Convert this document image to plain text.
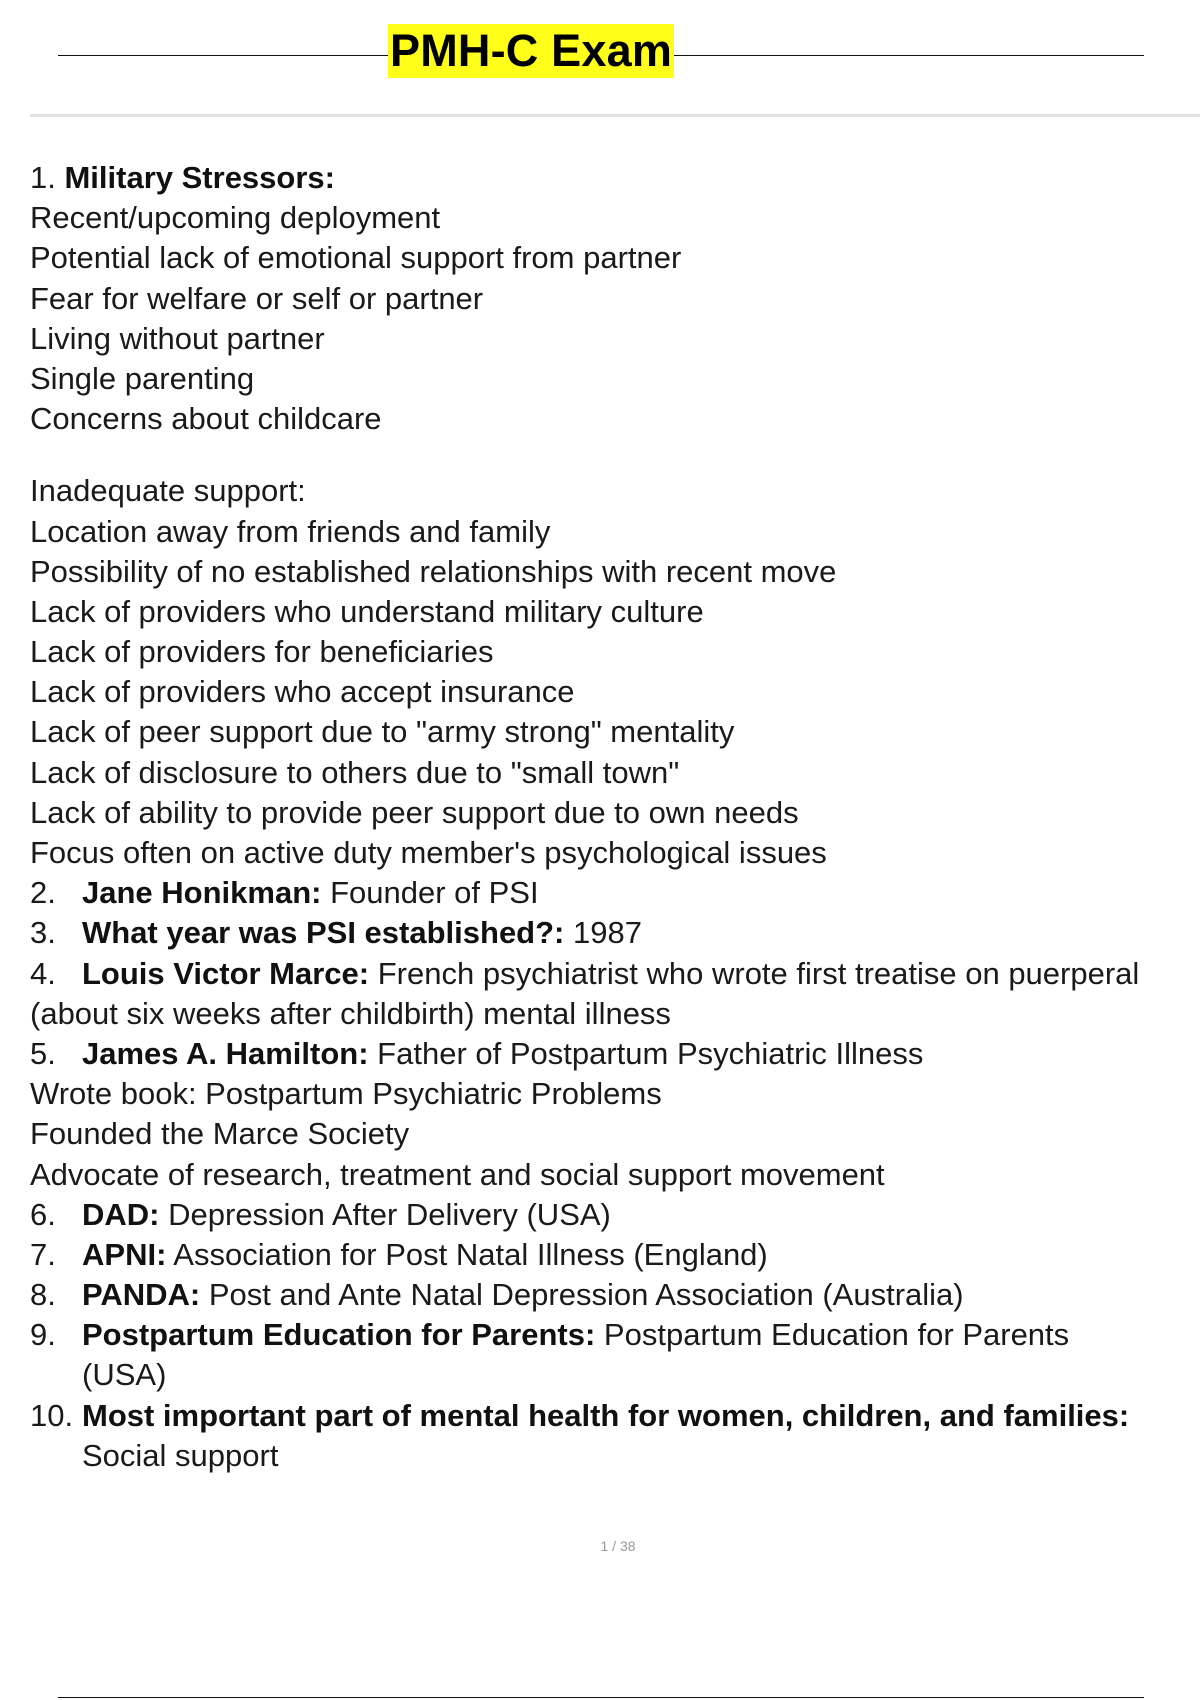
PMH-C Exam
1. Military Stressors:
Recent/upcoming deployment
Potential lack of emotional support from partner
Fear for welfare or self or partner
Living without partner
Single parenting
Concerns about childcare
Inadequate support:
Location away from friends and family
Possibility of no established relationships with recent move
Lack of providers who understand military culture
Lack of providers for beneficiaries
Lack of providers who accept insurance
Lack of peer support due to "army strong" mentality
Lack of disclosure to others due to "small town"
Lack of ability to provide peer support due to own needs
Focus often on active duty member's psychological issues
2. Jane Honikman: Founder of PSI
3. What year was PSI established?: 1987
4. Louis Victor Marce: French psychiatrist who wrote first treatise on puerperal
(about six weeks after childbirth) mental illness
5. James A. Hamilton: Father of Postpartum Psychiatric Illness
Wrote book: Postpartum Psychiatric Problems
Founded the Marce Society
Advocate of research, treatment and social support movement
6. DAD: Depression After Delivery (USA)
7. APNI: Association for Post Natal Illness (England)
8. PANDA: Post and Ante Natal Depression Association (Australia)
9. Postpartum Education for Parents: Postpartum Education for Parents
(USA)
10. Most important part of mental health for women, children, and families:
Social support
1 / 38
